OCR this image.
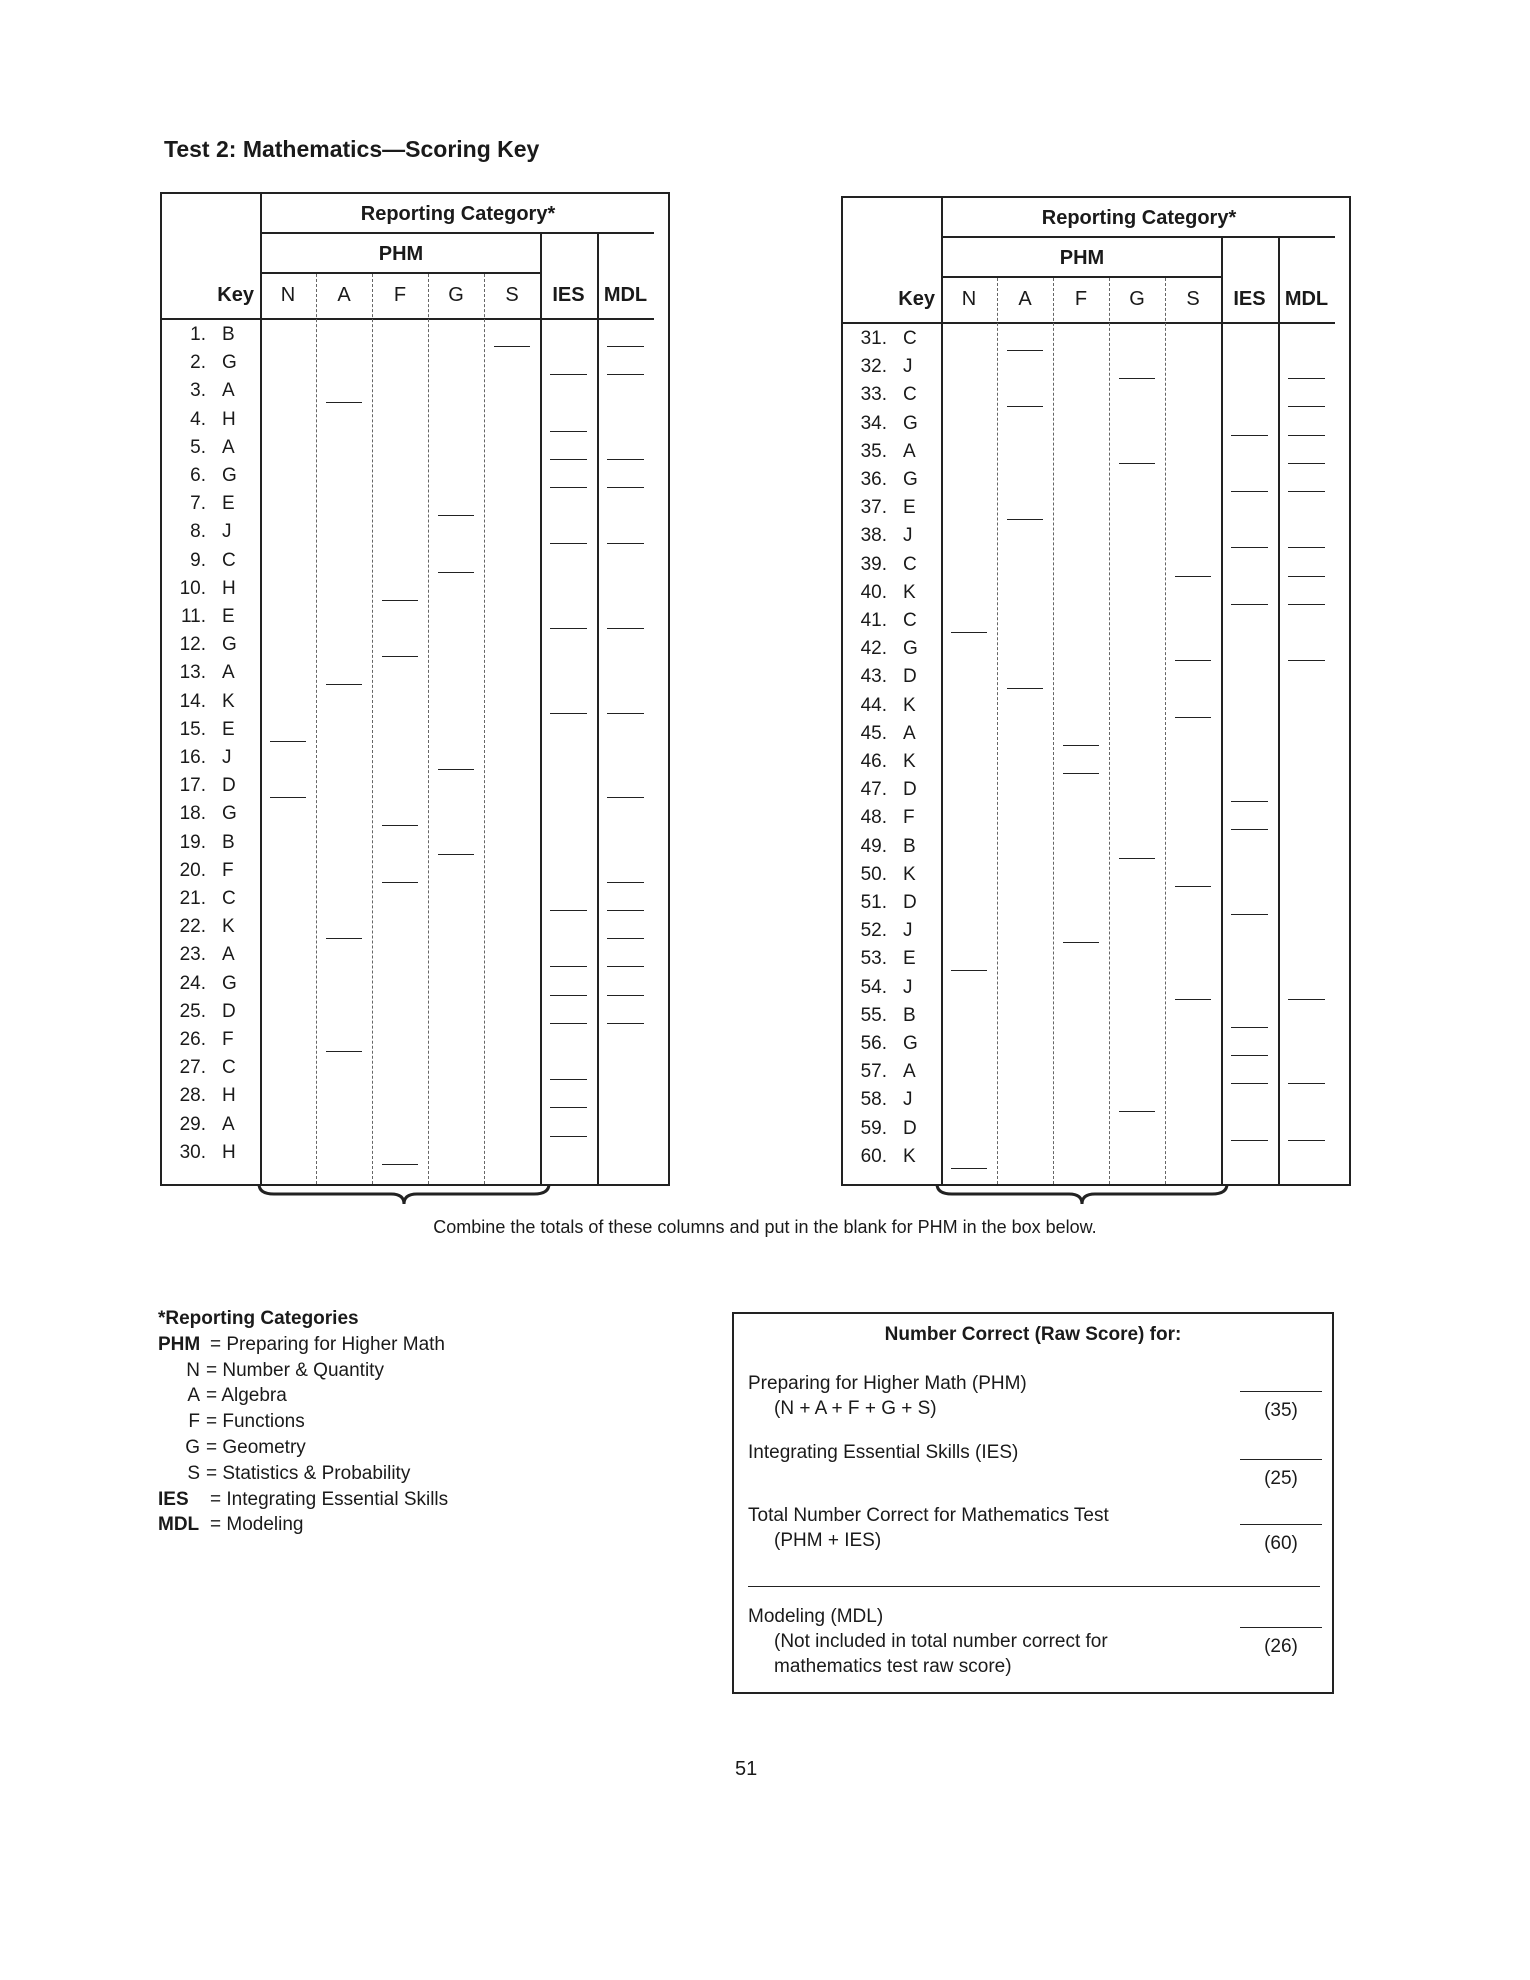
Test 2: Mathematics—Scoring Key
Reporting Category*
PHM
Key	N	A	F	G	S	IES MDL
1. B
2. G
3. A
4. H
5. A
6. G
7. E
8. J
9. C
10. H
11. E
12. G
13. A
14. K
15. E
16. J
17. D
18. G
19. B
20. F
21. C
22. K
23. A
24. G
25. D
26. F
27. C
28. H
29. A
30. H
Reporting Category*
PHM
Key	N	A	F	G	S	IES MDL
31. C
32. J
33. C
34. G
35. A
36. G
37. E
38. J
39. C
40. K
41. C
42. G
43. D
44. K
45. A
46. K
47. D
48. F
49. B
50. K
51. D
52. J
53. E
54. J
55. B
56. G
57. A
58. J
59. D
60. K
Combine the totals of these columns and put in the blank for PHM in the box below.
*Reporting Categories
PHM = Preparing for Higher Math
N = Number & Quantity
A = Algebra
F = Functions
G = Geometry
S = Statistics & Probability
IES = Integrating Essential Skills
MDL = Modeling
Number Correct (Raw Score) for:
Preparing for Higher Math (PHM)
(N + A + F + G + S)	(35)
Integrating Essential Skills (IES)
(25)
Total Number Correct for Mathematics Test
(PHM + IES)	(60)
Modeling (MDL)
(Not included in total number correct for
mathematics test raw score)
(26)
51
